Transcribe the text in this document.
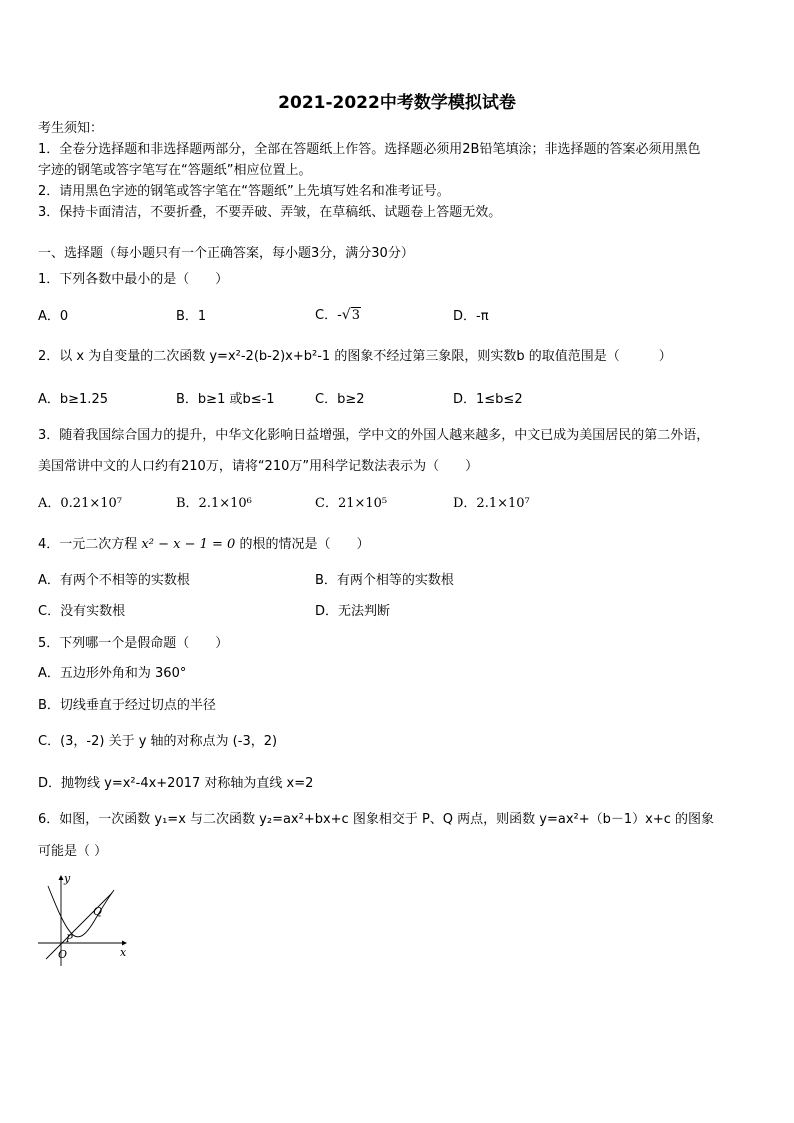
2021-2022中考数学模拟试卷
考生须知：
1．全卷分选择题和非选择题两部分，全部在答题纸上作答。选择题必须用2B铅笔填涂；非选择题的答案必须用黑色
字迹的钢笔或答字笔写在“答题纸”相应位置上。
2．请用黑色字迹的钢笔或答字笔在“答题纸”上先填写姓名和准考证号。
3．保持卡面清洁，不要折叠，不要弄破、弄皱，在草稿纸、试题卷上答题无效。
一、选择题（每小题只有一个正确答案，每小题3分，满分30分）
1．下列各数中最小的是（　　）
A．0	B．1	C．-√3	D．-π
2．以 x 为自变量的二次函数 y=x²-2(b-2)x+b²-1 的图象不经过第三象限，则实数b 的取值范围是（　　　）
A．b≥1.25	B．b≥1 或b≤-1	C．b≥2	D．1≤b≤2
3．随着我国综合国力的提升，中华文化影响日益增强，学中文的外国人越来越多，中文已成为美国居民的第二外语，
美国常讲中文的人口约有210万，请将“210万”用科学记数法表示为（　　）
A．0.21×10⁷	B．2.1×10⁶	C．21×10⁵	D．2.1×10⁷
4．一元二次方程 x² − x − 1 = 0 的根的情况是（　　）
A．有两个不相等的实数根	B．有两个相等的实数根
C．没有实数根	D．无法判断
5．下列哪一个是假命题（　　）
A．五边形外角和为 360°
B．切线垂直于经过切点的半径
C．(3，-2) 关于 y 轴的对称点为 (-3，2)
D．抛物线 y=x²-4x+2017 对称轴为直线 x=2
6．如图，一次函数 y₁=x 与二次函数 y₂=ax²+bx+c 图象相交于 P、Q 两点，则函数 y=ax²+（b－1）x+c 的图象
可能是（ ）
y
x
O
P
Q
